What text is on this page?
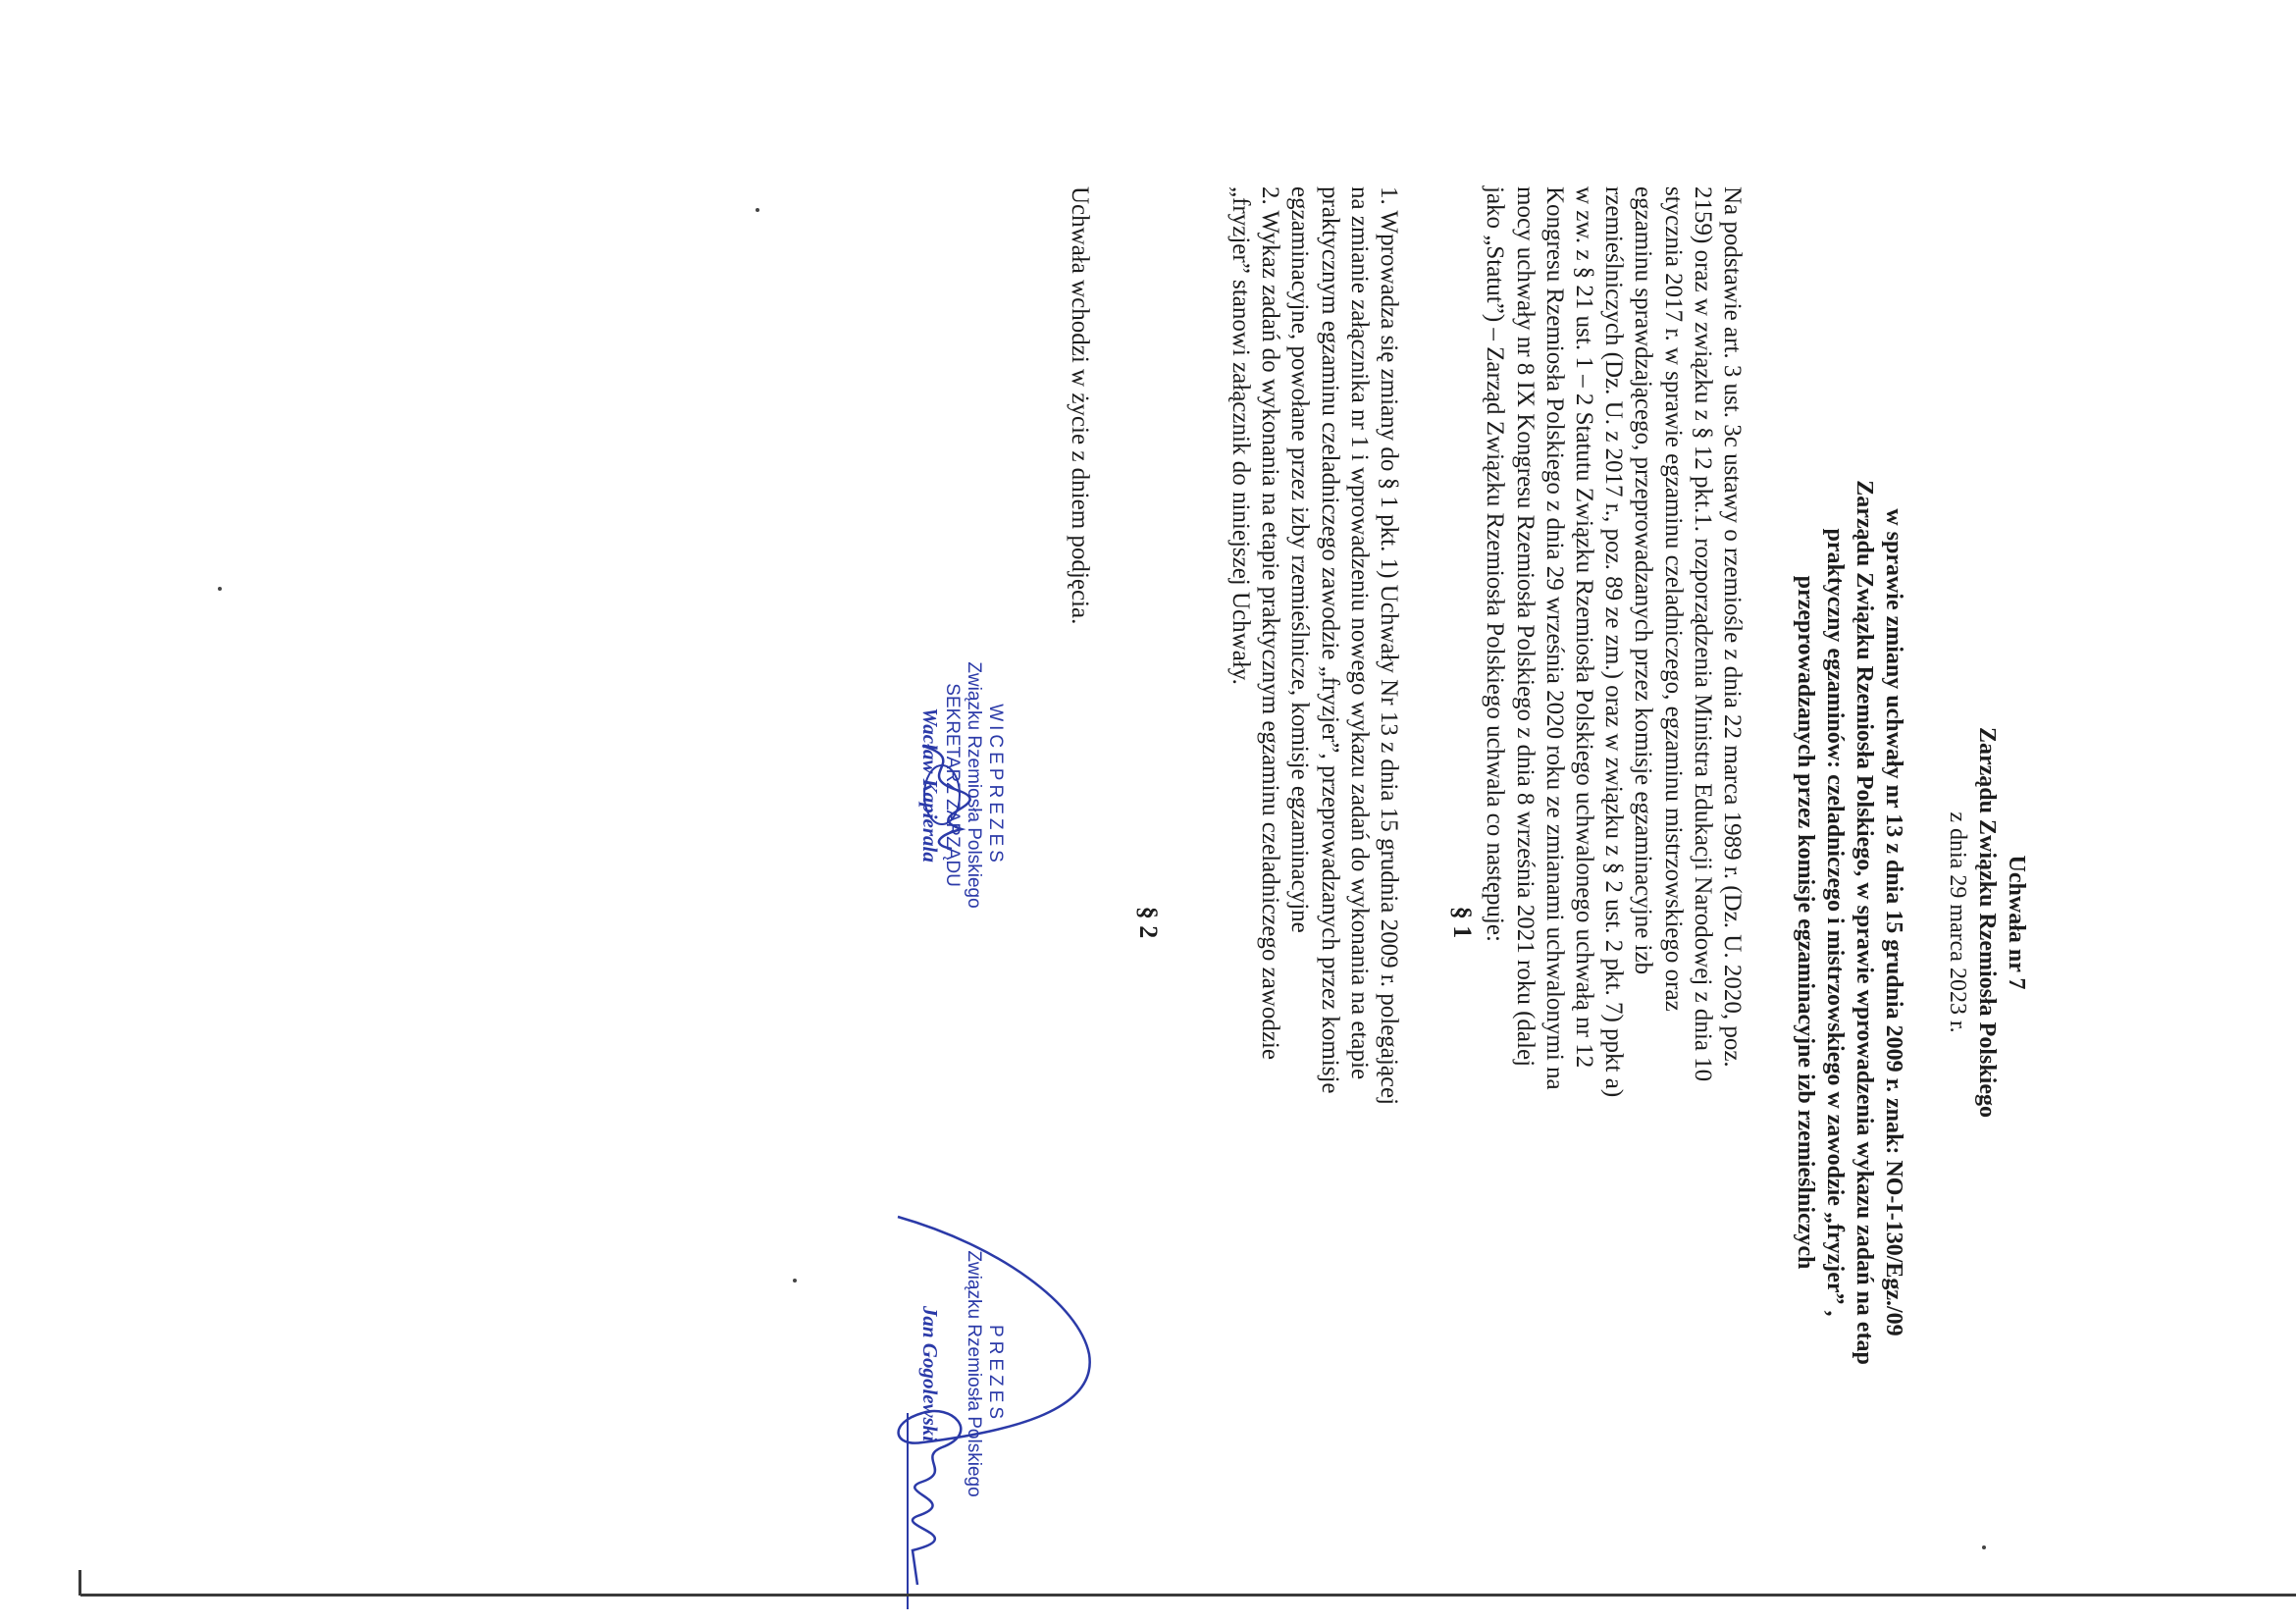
Uchwała nr 7
Zarządu Związku Rzemiosła Polskiego
z dnia 29 marca 2023 r.
w sprawie zmiany uchwały nr 13 z dnia 15 grudnia 2009 r. znak: NO-I-130/Egz./09
Zarządu Związku Rzemiosła Polskiego, w sprawie wprowadzenia wykazu zadań na etap
praktyczny egzaminów: czeladniczego i mistrzowskiego w zawodzie „fryzjer” ,
przeprowadzanych przez komisje egzaminacyjne izb rzemieślniczych
Na podstawie art. 3 ust. 3c ustawy o rzemiośle z dnia 22 marca 1989 r. (Dz. U. 2020, poz.
2159) oraz w związku z § 12 pkt.1. rozporządzenia Ministra Edukacji Narodowej z dnia 10
stycznia 2017 r. w sprawie egzaminu czeladniczego, egzaminu mistrzowskiego oraz
egzaminu sprawdzającego, przeprowadzanych przez komisje egzaminacyjne izb
rzemieślniczych (Dz. U. z 2017 r., poz. 89 ze zm.) oraz w związku z § 2 ust. 2 pkt. 7) ppkt a)
w zw. z § 21 ust. 1 – 2 Statutu Związku Rzemiosła Polskiego uchwalonego uchwałą nr 12
Kongresu Rzemiosła Polskiego z dnia 29 września 2020 roku ze zmianami uchwalonymi na
mocy uchwały nr 8 IX Kongresu Rzemiosła Polskiego z dnia 8 września 2021 roku (dalej
jako „Statut”) – Zarząd Związku Rzemiosła Polskiego uchwala co następuje:
§ 1
1. Wprowadza się zmiany do § 1 pkt. 1) Uchwały Nr 13 z dnia 15 grudnia 2009 r. polegającej
na zmianie załącznika nr 1 i wprowadzeniu nowego wykazu zadań do wykonania na etapie
praktycznym egzaminu czeladniczego zawodzie „fryzjer”, przeprowadzanych przez komisje
egzaminacyjne, powołane przez izby rzemieślnicze, komisje egzaminacyjne
2. Wykaz zadań do wykonania na etapie praktycznym egzaminu czeladniczego zawodzie
„fryzjer” stanowi załącznik do niniejszej Uchwały.
§ 2
Uchwała wchodzi w życie z dniem podjęcia.
WICEPREZES
Związku Rzemiosła Polskiego
SEKRETARZ ZARZĄDU
Wacław Kapierala
PREZES
Związku Rzemiosła Polskiego
Jan Gogolewski
